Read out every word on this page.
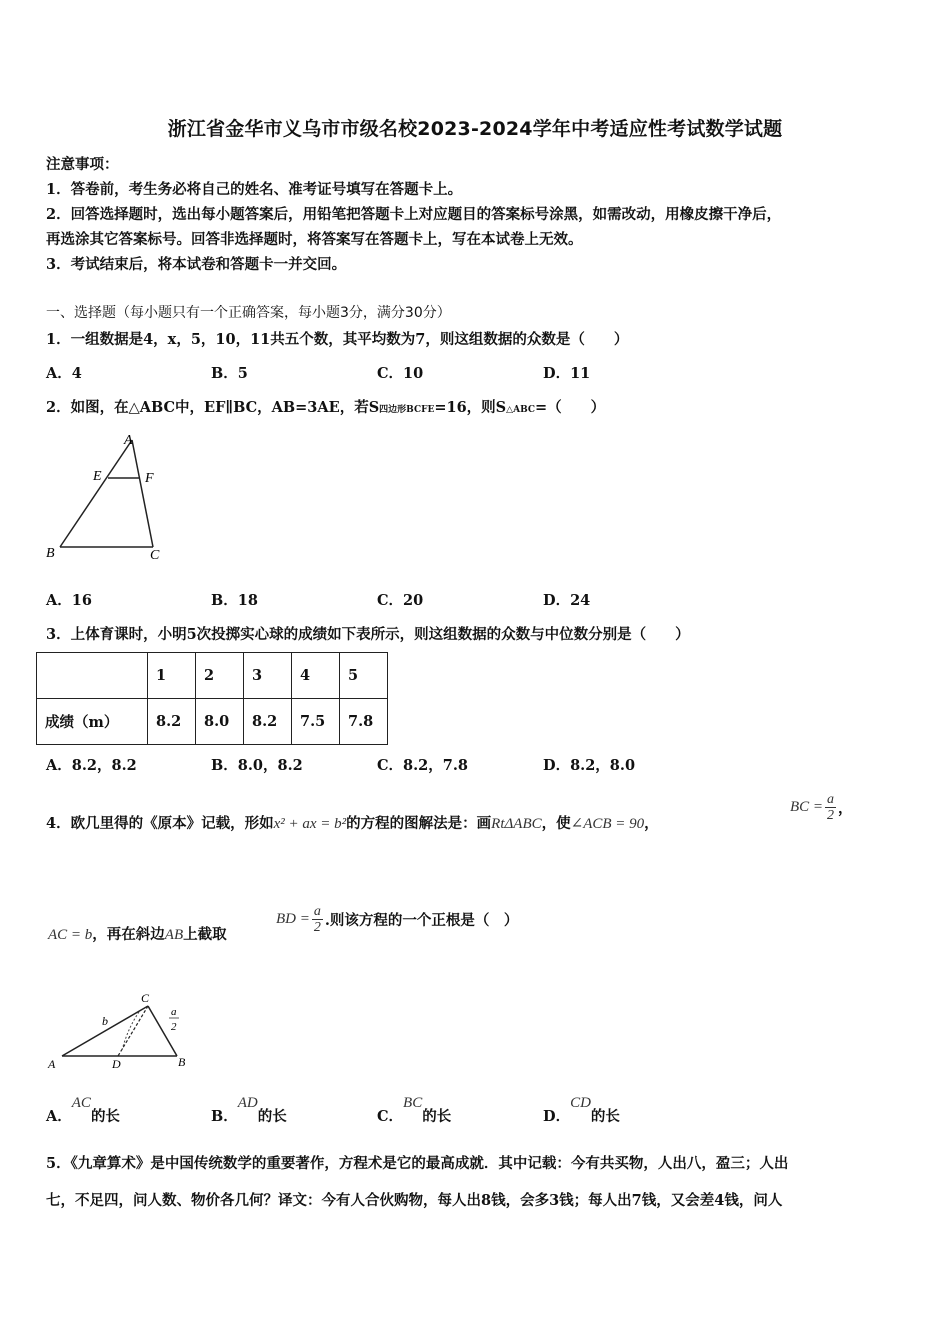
浙江省金华市义乌市市级名校2023-2024学年中考适应性考试数学试题
注意事项：
1．答卷前，考生务必将自己的姓名、准考证号填写在答题卡上。
2．回答选择题时，选出每小题答案后，用铅笔把答题卡上对应题目的答案标号涂黑，如需改动，用橡皮擦干净后，
再选涂其它答案标号。回答非选择题时，将答案写在答题卡上，写在本试卷上无效。
3．考试结束后，将本试卷和答题卡一并交回。
一、选择题（每小题只有一个正确答案，每小题3分，满分30分）
1．一组数据是4，x，5，10，11共五个数，其平均数为7，则这组数据的众数是（　　）
A．4	B．5	C．10	D．11
2．如图，在△ABC中，EF∥BC，AB=3AE，若S四边形BCFE=16，则S△ABC=（　　）
A
E	F
B	C
A．16	B．18	C．20	D．24
3．上体育课时，小明5次投掷实心球的成绩如下表所示，则这组数据的众数与中位数分别是（　　）
	1	2	3	4	5
成绩（m）	8.2	8.0	8.2	7.5	7.8
A．8.2，8.2	B．8.0，8.2	C．8.2，7.8	D．8.2，8.0
4．欧几里得的《原本》记载，形如x² + ax = b²的方程的图解法是：画RtΔABC，使∠ACB = 90，
BC = $\frac{a}{2}$ ，
AC = b，再在斜边AB上截取
BD = $\frac{a}{2}$ .则该方程的一个正根是（　）
C
b
a
2
A	D	B
A．AC的长	B．AD的长	C．BC的长	D．CD的长
5．《九章算术》是中国传统数学的重要著作，方程术是它的最高成就．其中记载：今有共买物，人出八，盈三；人出
七，不足四，问人数、物价各几何？译文：今有人合伙购物，每人出8钱，会多3钱；每人出7钱，又会差4钱，问人
